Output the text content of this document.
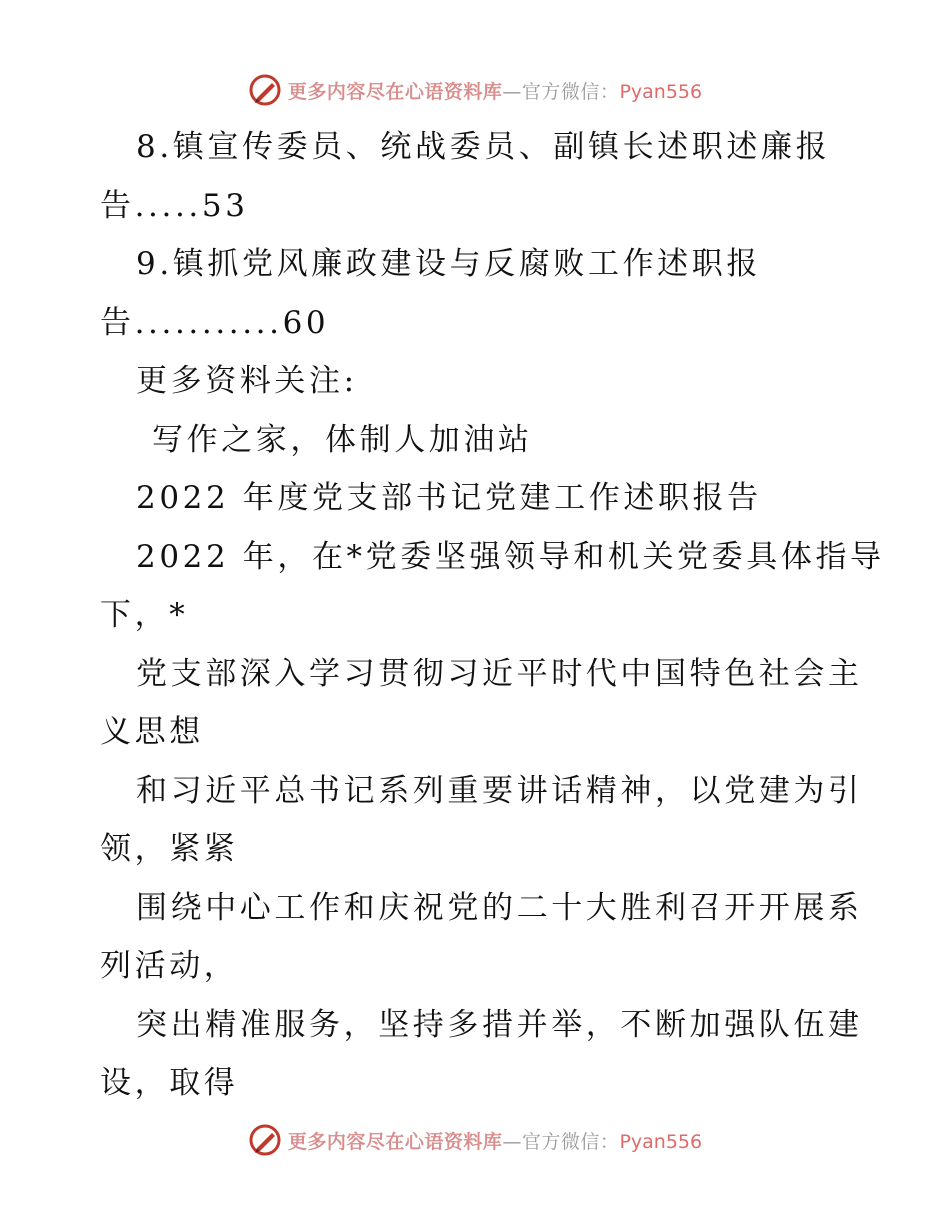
更多内容尽在心语资料库—官方微信：Pyan556
8.镇宣传委员、统战委员、副镇长述职述廉报
告.....53
9.镇抓党风廉政建设与反腐败工作述职报
告...........60
更多资料关注:
写作之家，体制人加油站
2022 年度党支部书记党建工作述职报告
2022 年，在*党委坚强领导和机关党委具体指导
下，*
党支部深入学习贯彻习近平时代中国特色社会主
义思想
和习近平总书记系列重要讲话精神，以党建为引
领，紧紧
围绕中心工作和庆祝党的二十大胜利召开开展系
列活动，
突出精准服务，坚持多措并举，不断加强队伍建
设，取得
更多内容尽在心语资料库—官方微信：Pyan556
